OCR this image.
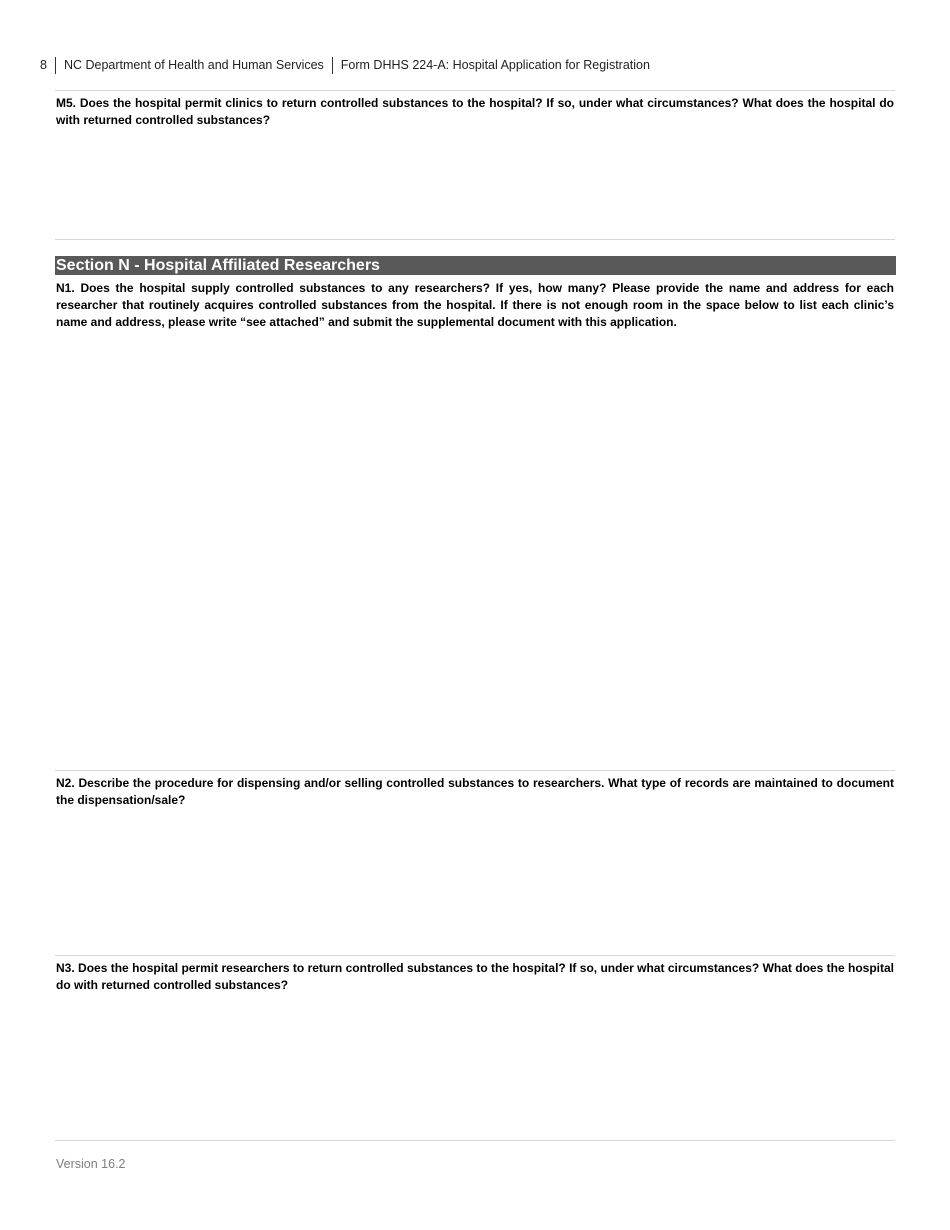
8 NC Department of Health and Human Services Form DHHS 224-A: Hospital Application for Registration

M5. Does the hospital permit clinics to return controlled substances to the hospital? If so, under what circumstances? What does the hospital do with returned controlled substances?

Section N - Hospital Affiliated Researchers

N1. Does the hospital supply controlled substances to any researchers? If yes, how many? Please provide the name and address for each researcher that routinely acquires controlled substances from the hospital. If there is not enough room in the space below to list each clinic’s name and address, please write “see attached” and submit the supplemental document with this application.

N2. Describe the procedure for dispensing and/or selling controlled substances to researchers. What type of records are maintained to document the dispensation/sale?

N3. Does the hospital permit researchers to return controlled substances to the hospital? If so, under what circumstances? What does the hospital do with returned controlled substances?

Version 16.2
